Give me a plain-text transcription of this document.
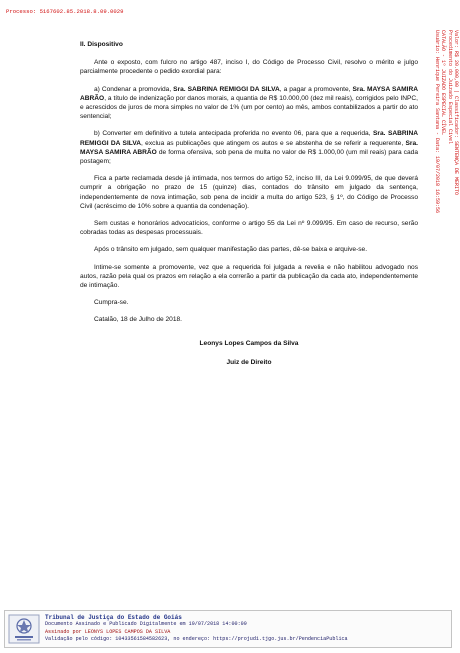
Processo: 5167602.85.2018.8.09.0029
Valor: R$ 20.000,00 | Classificador: SENTENÇA DE MÉRITO
Procedimento do Juizado Especial Cível
CATALÃO - 1º JUIZADO ESPECIAL CÍVEL
Usuário: Henrique Pereira Santana - Data: 19/07/2018 16:59:56

II. Dispositivo

Ante o exposto, com fulcro no artigo 487, inciso I, do Código de Processo Civil, resolvo o mérito e julgo parcialmente procedente o pedido exordial para:

a) Condenar a promovida, Sra. SABRINA REMIGGI DA SILVA, a pagar a promovente, Sra. MAYSA SAMIRA ABRÃO, a título de indenização por danos morais, a quantia de R$ 10.000,00 (dez mil reais), corrigidos pelo INPC, e acrescidos de juros de mora simples no valor de 1% (um por cento) ao mês, ambos contabilizados a partir do ato sentencial;

b) Converter em definitivo a tutela antecipada proferida no evento 06, para que a requerida, Sra. SABRINA REMIGGI DA SILVA, exclua as publicações que atingem os autos e se abstenha de se referir a requerente, Sra. MAYSA SAMIRA ABRÃO de forma ofensiva, sob pena de multa no valor de R$ 1.000,00 (um mil reais) para cada postagem;

Fica a parte reclamada desde já intimada, nos termos do artigo 52, inciso III, da Lei 9.099/95, de que deverá cumprir a obrigação no prazo de 15 (quinze) dias, contados do trânsito em julgado da sentença, independentemente de nova intimação, sob pena de incidir a multa do artigo 523, § 1º, do Código de Processo Civil (acréscimo de 10% sobre a quantia da condenação).

Sem custas e honorários advocatícios, conforme o artigo 55 da Lei nº 9.099/95. Em caso de recurso, serão cobradas todas as despesas processuais.

Após o trânsito em julgado, sem qualquer manifestação das partes, dê-se baixa e arquive-se.

Intime-se somente a promovente, vez que a requerida foi julgada a revelia e não habilitou advogado nos autos, razão pela qual os prazos em relação a ela correrão a partir da publicação da cada ato, independentemente de intimação.

Cumpra-se.

Catalão, 18 de Julho de 2018.

Leonys Lopes Campos da Silva

Juiz de Direito

Tribunal de Justiça do Estado de Goiás
Documento Assinado e Publicado Digitalmente em 19/07/2018 14:00:09
Assinado por LEONYS LOPES CAMPOS DA SILVA
Validação pelo código: 10433561584582623, no endereço: https://projudi.tjgo.jus.br/PendenciaPublica
